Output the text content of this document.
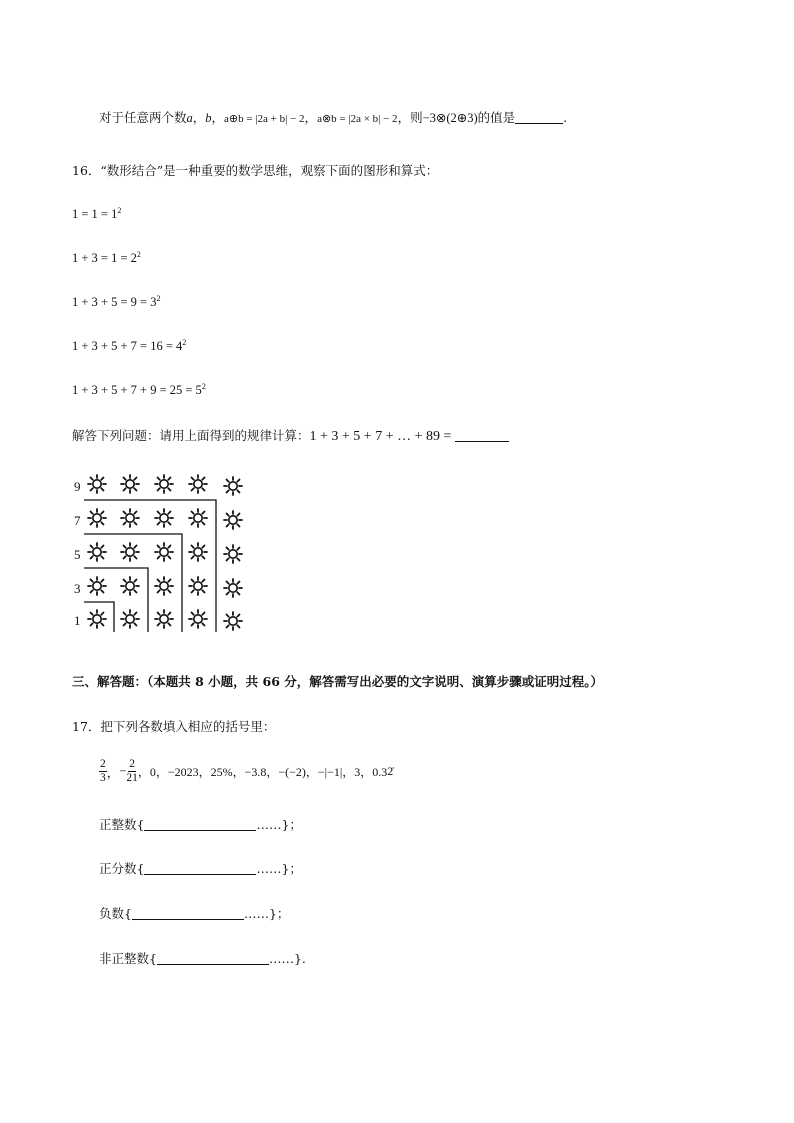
对于任意两个数a，b，a⊕b = |2a + b| − 2，a⊗b = |2a × b| − 2，则−3⊗(2⊕3)的值是	.
16．“数形结合”是一种重要的数学思维，观察下面的图形和算式：
$1 = 1 = 1^2$
$1 + 3 = 1 = 2^2$
$1 + 3 + 5 = 9 = 3^2$
$1 + 3 + 5 + 7 = 16 = 4^2$
$1 + 3 + 5 + 7 + 9 = 25 = 5^2$
解答下列问题：请用上面得到的规律计算：1 + 3 + 5 + 7 + … + 89 =
9
7
5
3
1
三、解答题：（本题共 8 小题，共 66 分，解答需写出必要的文字说明、演算步骤或证明过程。）
17．把下列各数填入相应的括号里：
$\frac{2}{3}$ ， − $\frac{2}{21}$ ，0，−2023，25%，−3.8，−(−2)，−|−1|，3，0.3 2̇
正整数{	……}；
正分数{	……}；
负数{	……}；
非正整数{	……}.
